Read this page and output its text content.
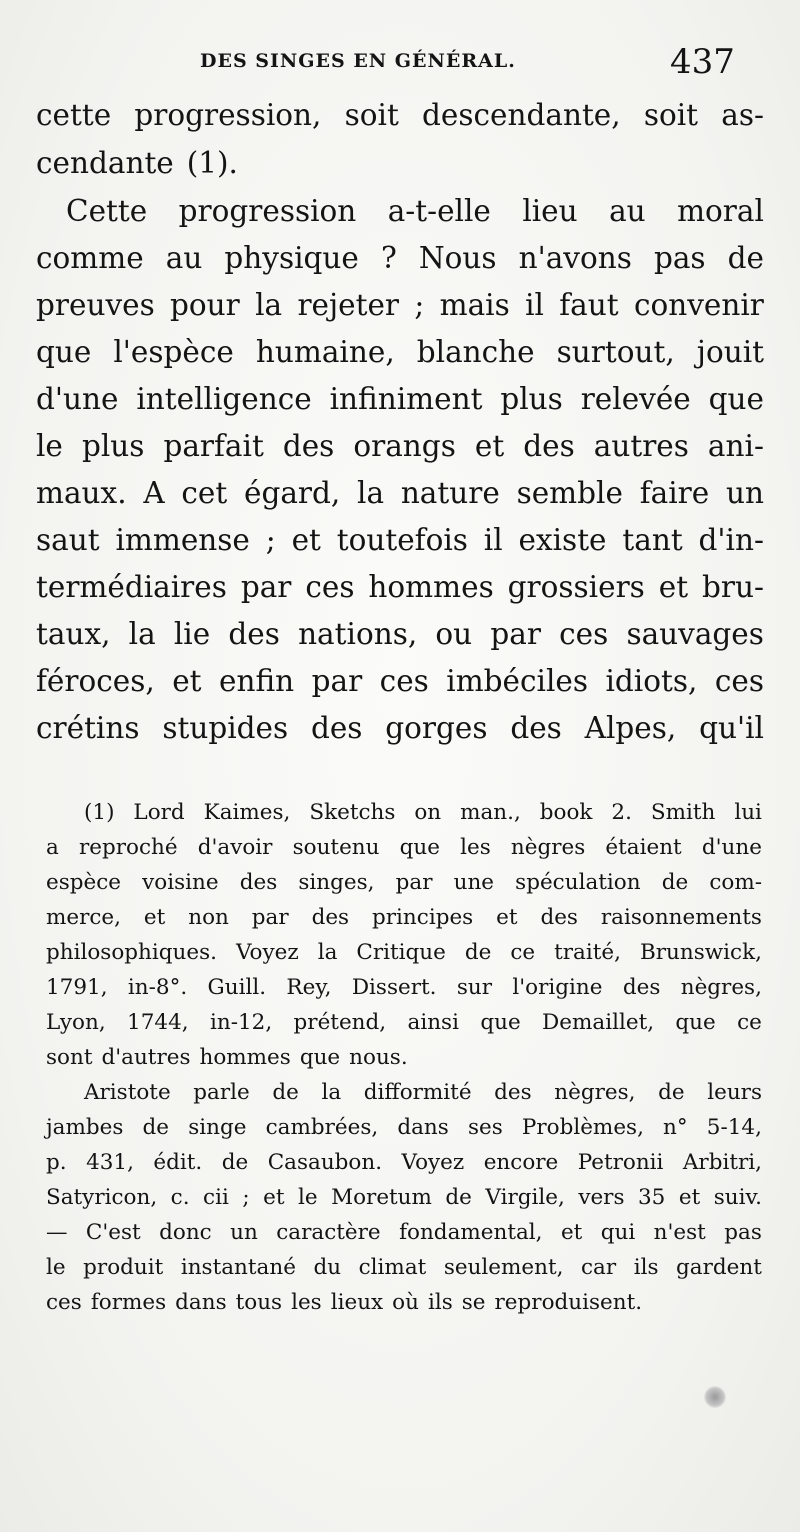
DES SINGES EN GÉNÉRAL.	437
cette progression, soit descendante, soit as-
cendante (1).
Cette progression a-t-elle lieu au moral
comme au physique ? Nous n'avons pas de
preuves pour la rejeter ; mais il faut convenir
que l'espèce humaine, blanche surtout, jouit
d'une intelligence infiniment plus relevée que
le plus parfait des orangs et des autres ani-
maux. A cet égard, la nature semble faire un
saut immense ; et toutefois il existe tant d'in-
termédiaires par ces hommes grossiers et bru-
taux, la lie des nations, ou par ces sauvages
féroces, et enfin par ces imbéciles idiots, ces
crétins stupides des gorges des Alpes, qu'il
(1) Lord Kaimes, Sketchs on man., book 2. Smith lui
a reproché d'avoir soutenu que les nègres étaient d'une
espèce voisine des singes, par une spéculation de com-
merce, et non par des principes et des raisonnements
philosophiques. Voyez la Critique de ce traité, Brunswick,
1791, in-8°. Guill. Rey, Dissert. sur l'origine des nègres,
Lyon, 1744, in-12, prétend, ainsi que Demaillet, que ce
sont d'autres hommes que nous.
Aristote parle de la difformité des nègres, de leurs
jambes de singe cambrées, dans ses Problèmes, n° 5-14,
p. 431, édit. de Casaubon. Voyez encore Petronii Arbitri,
Satyricon, c. cii ; et le Moretum de Virgile, vers 35 et suiv.
— C'est donc un caractère fondamental, et qui n'est pas
le produit instantané du climat seulement, car ils gardent
ces formes dans tous les lieux où ils se reproduisent.
